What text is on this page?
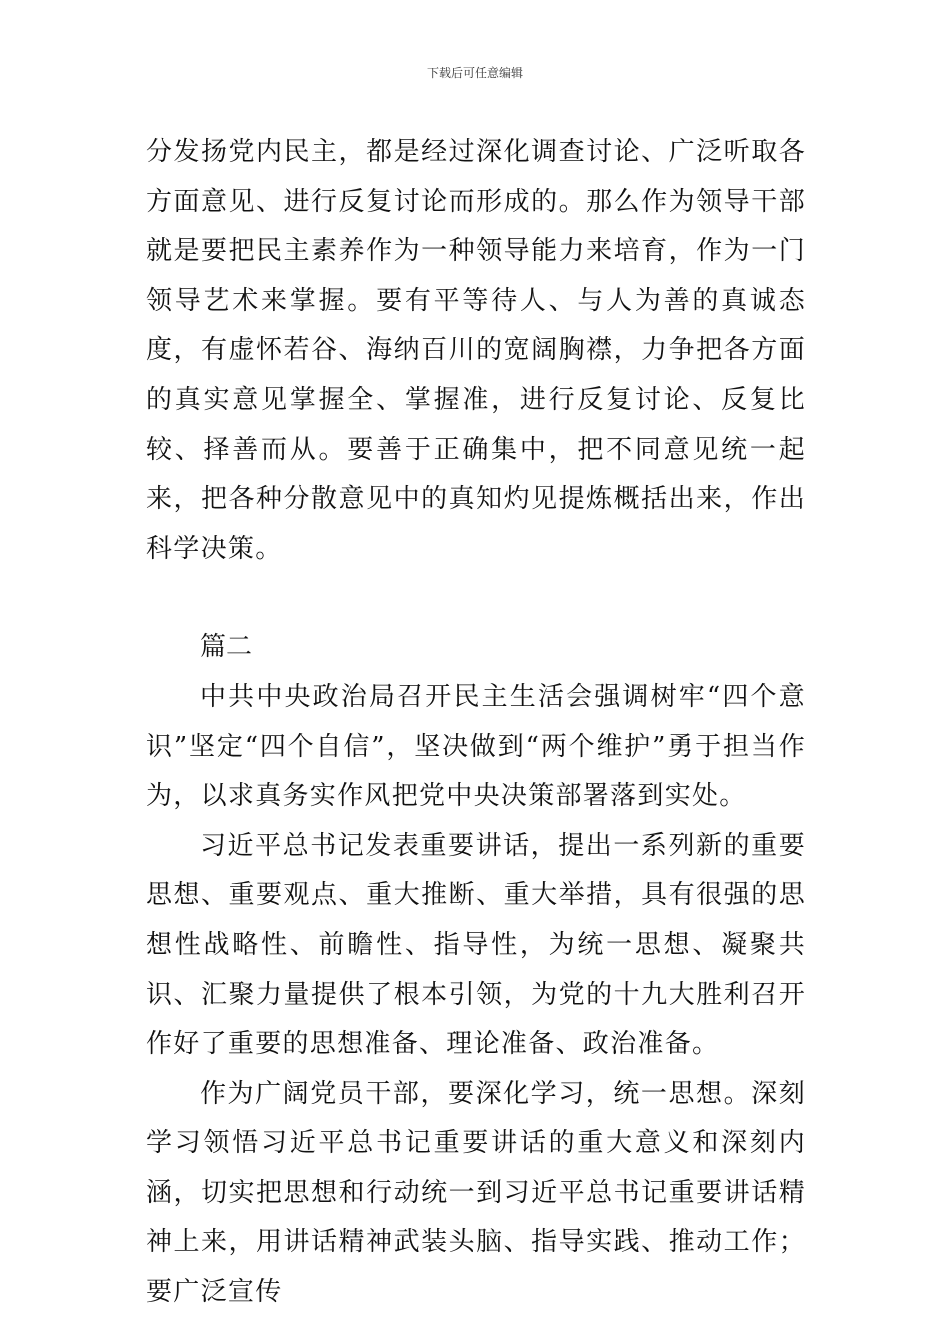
下载后可任意编辑

分发扬党内民主，都是经过深化调查讨论、广泛听取各方面意见、进行反复讨论而形成的。那么作为领导干部就是要把民主素养作为一种领导能力来培育，作为一门领导艺术来掌握。要有平等待人、与人为善的真诚态度，有虚怀若谷、海纳百川的宽阔胸襟，力争把各方面的真实意见掌握全、掌握准，进行反复讨论、反复比较、择善而从。要善于正确集中，把不同意见统一起来，把各种分散意见中的真知灼见提炼概括出来，作出科学决策。

篇二

中共中央政治局召开民主生活会强调树牢“四个意识”坚定“四个自信”，坚决做到“两个维护”勇于担当作为，以求真务实作风把党中央决策部署落到实处。

习近平总书记发表重要讲话，提出一系列新的重要思想、重要观点、重大推断、重大举措，具有很强的思想性战略性、前瞻性、指导性，为统一思想、凝聚共识、汇聚力量提供了根本引领，为党的十九大胜利召开作好了重要的思想准备、理论准备、政治准备。

作为广阔党员干部，要深化学习，统一思想。深刻学习领悟习近平总书记重要讲话的重大意义和深刻内涵，切实把思想和行动统一到习近平总书记重要讲话精神上来，用讲话精神武装头脑、指导实践、推动工作；要广泛宣传
